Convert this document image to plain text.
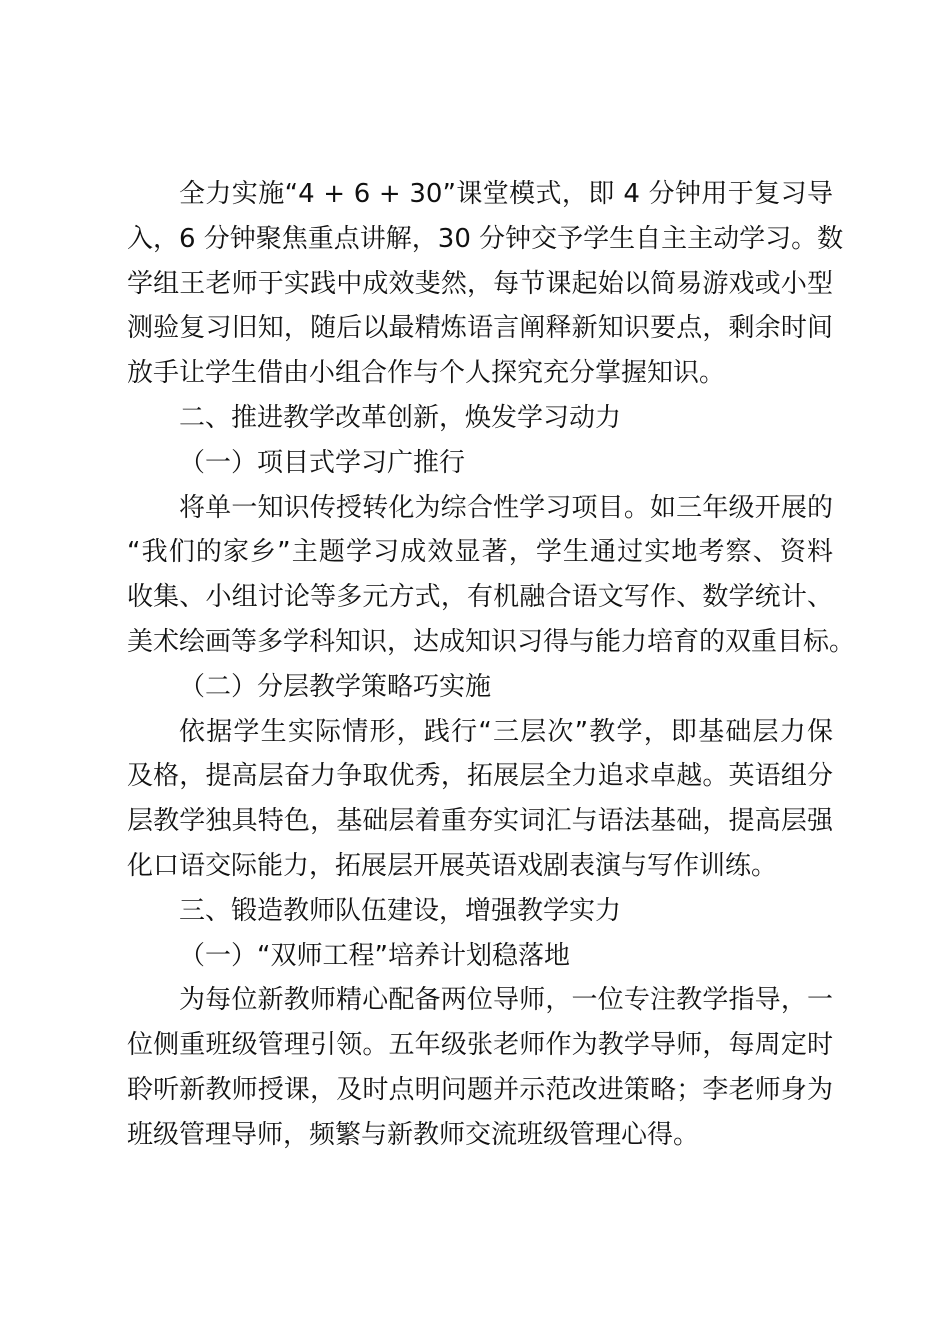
全力实施“4 + 6 + 30”课堂模式，即 4 分钟用于复习导
入，6 分钟聚焦重点讲解，30 分钟交予学生自主主动学习。数
学组王老师于实践中成效斐然，每节课起始以简易游戏或小型
测验复习旧知，随后以最精炼语言阐释新知识要点，剩余时间
放手让学生借由小组合作与个人探究充分掌握知识。
二、推进教学改革创新，焕发学习动力
（一）项目式学习广推行
将单一知识传授转化为综合性学习项目。如三年级开展的
“我们的家乡”主题学习成效显著，学生通过实地考察、资料
收集、小组讨论等多元方式，有机融合语文写作、数学统计、
美术绘画等多学科知识，达成知识习得与能力培育的双重目标。
（二）分层教学策略巧实施
依据学生实际情形，践行“三层次”教学，即基础层力保
及格，提高层奋力争取优秀，拓展层全力追求卓越。英语组分
层教学独具特色，基础层着重夯实词汇与语法基础，提高层强
化口语交际能力，拓展层开展英语戏剧表演与写作训练。
三、锻造教师队伍建设，增强教学实力
（一）“双师工程”培养计划稳落地
为每位新教师精心配备两位导师，一位专注教学指导，一
位侧重班级管理引领。五年级张老师作为教学导师，每周定时
聆听新教师授课，及时点明问题并示范改进策略；李老师身为
班级管理导师，频繁与新教师交流班级管理心得。
